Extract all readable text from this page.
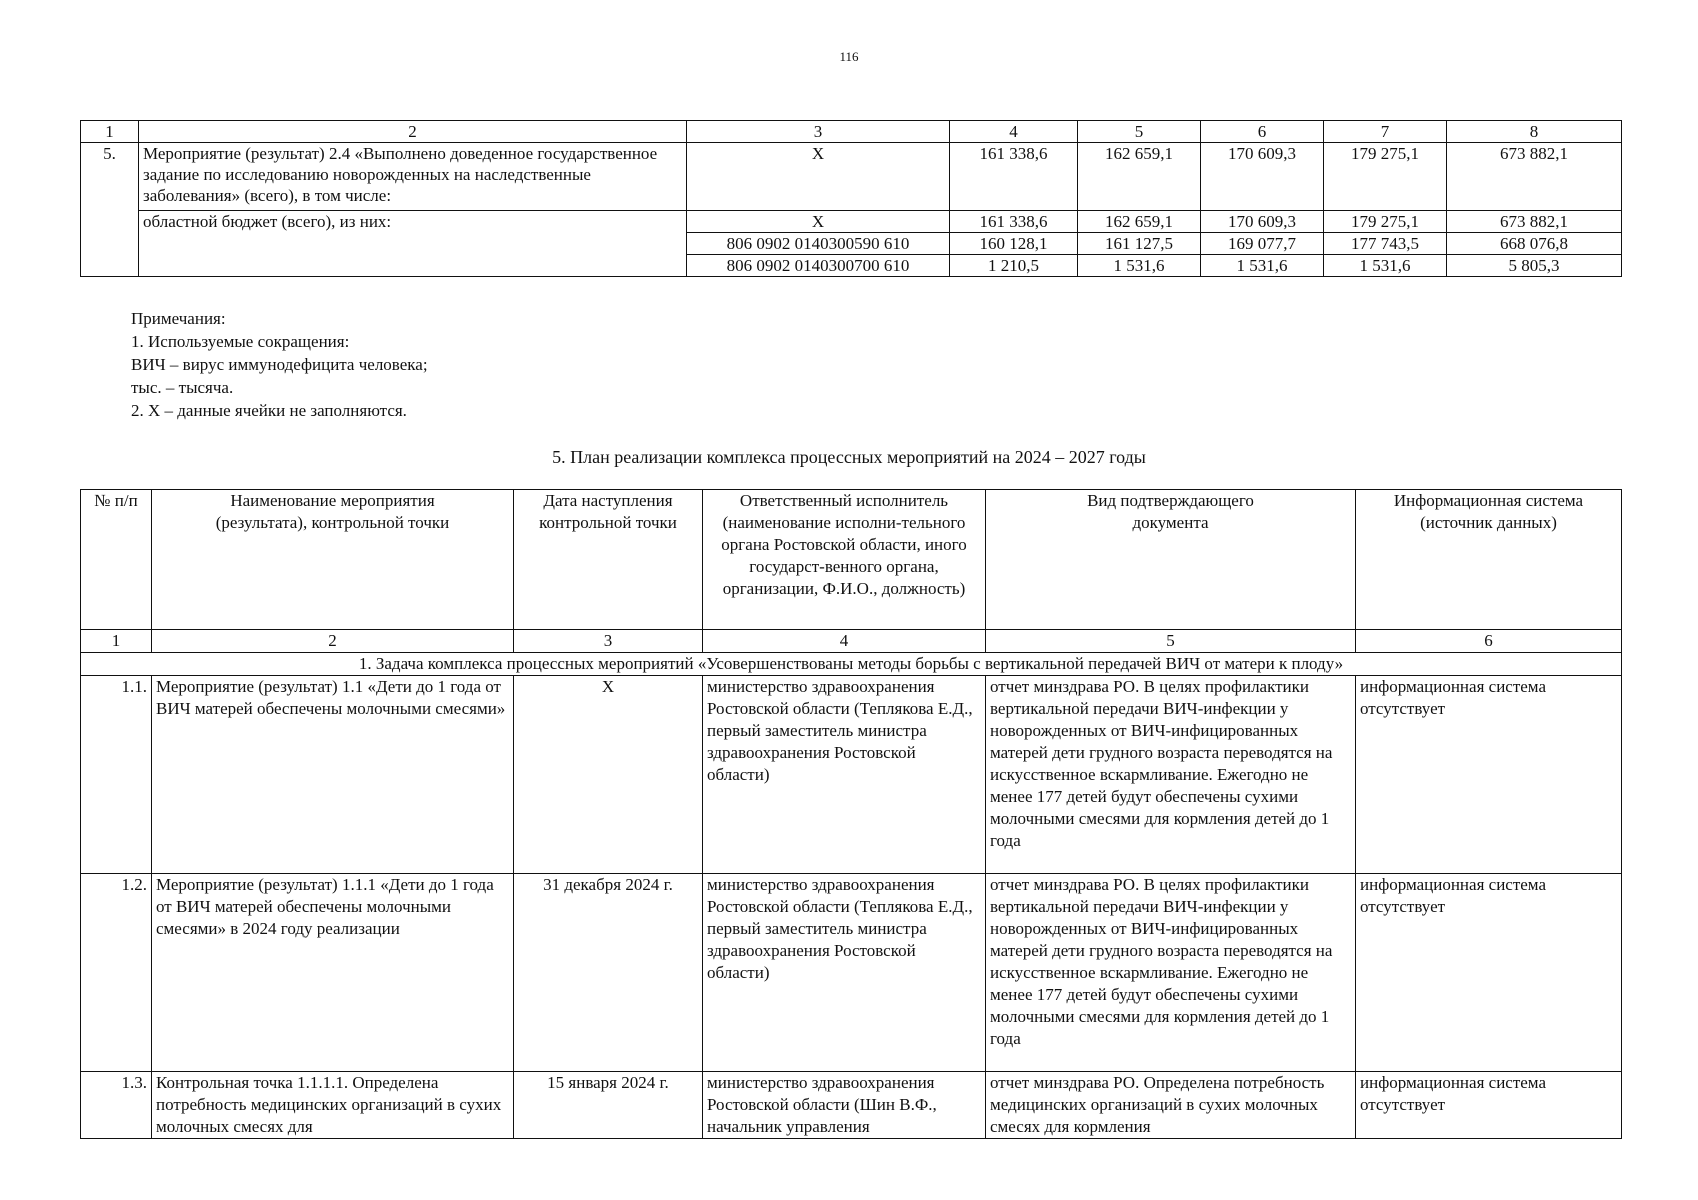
116
1	2	3	4	5	6	7	8
5.	Мероприятие (результат) 2.4 «Выполнено доведенное государственное задание по исследованию новорожденных на наследственные заболевания» (всего), в том числе:	X	161 338,6	162 659,1	170 609,3	179 275,1	673 882,1
	областной бюджет (всего), из них:	X	161 338,6	162 659,1	170 609,3	179 275,1	673 882,1
		806 0902 0140300590 610	160 128,1	161 127,5	169 077,7	177 743,5	668 076,8
		806 0902 0140300700 610	1 210,5	1 531,6	1 531,6	1 531,6	5 805,3
Примечания:
1. Используемые сокращения:
ВИЧ – вирус иммунодефицита человека;
тыс. – тысяча.
2. X – данные ячейки не заполняются.
5. План реализации комплекса процессных мероприятий на 2024 – 2027 годы
№ п/п	Наименование мероприятия (результата), контрольной точки	Дата наступления контрольной точки	Ответственный исполнитель (наименование исполни-тельного органа Ростовской области, иного государст-венного органа, организации, Ф.И.О., должность)	Вид подтверждающего документа	Информационная система (источник данных)
1	2	3	4	5	6
1. Задача комплекса процессных мероприятий «Усовершенствованы методы борьбы с вертикальной передачей ВИЧ от матери к плоду»					
1.1.	Мероприятие (результат) 1.1 «Дети до 1 года от ВИЧ матерей обеспечены молочными смесями»	X	министерство здравоохранения Ростовской области (Теплякова Е.Д., первый заместитель министра здравоохранения Ростовской области)	отчет минздрава РО. В целях профилактики вертикальной передачи ВИЧ-инфекции у новорожденных от ВИЧ-инфицированных матерей дети грудного возраста переводятся на искусственное вскармливание. Ежегодно не менее 177 детей будут обеспечены сухими молочными смесями для кормления детей до 1 года	информационная система отсутствует
1.2.	Мероприятие (результат) 1.1.1 «Дети до 1 года от ВИЧ матерей обеспечены молочными смесями» в 2024 году реализации	31 декабря 2024 г.	министерство здравоохранения Ростовской области (Теплякова Е.Д., первый заместитель министра здравоохранения Ростовской области)	отчет минздрава РО. В целях профилактики вертикальной передачи ВИЧ-инфекции у новорожденных от ВИЧ-инфицированных матерей дети грудного возраста переводятся на искусственное вскармливание. Ежегодно не менее 177 детей будут обеспечены сухими молочными смесями для кормления детей до 1 года	информационная система отсутствует
1.3.	Контрольная точка 1.1.1.1. Определена потребность медицинских организаций в сухих молочных смесях для	15 января 2024 г.	министерство здравоохранения Ростовской области (Шин В.Ф., начальник управления	отчет минздрава РО. Определена потребность медицинских организаций в сухих молочных смесях для кормления	информационная система отсутствует
